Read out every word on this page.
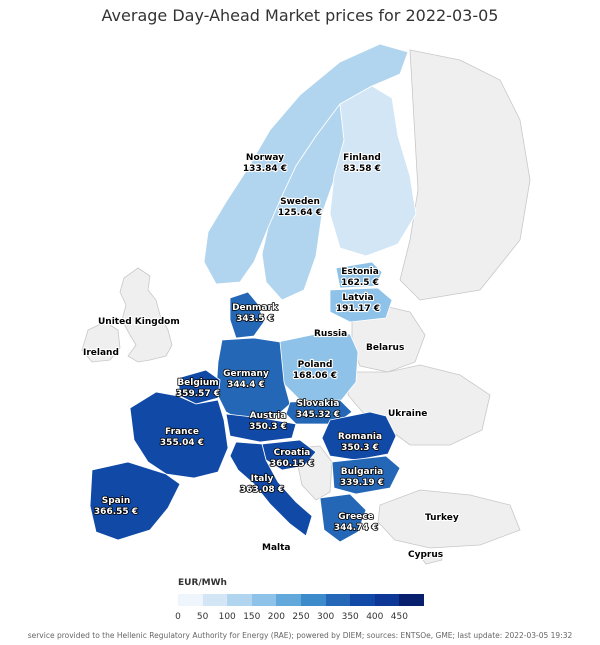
Average Day-Ahead Market prices for 2022-03-05
Norway
133.84 €
Finland
83.58 €
Sweden
125.64 €
Estonia
162.5 €
Latvia
191.17 €
Denmark
343.5 €
Poland
168.06 €
Germany
344.4 €
Belgium
359.57 €
Slovakia
345.32 €
Austria
350.3 €
France
355.04 €
Romania
350.3 €
Croatia
360.15 €
Bulgaria
339.19 €
Italy
363.08 €
Spain
366.55 €	Greece
344.74 €
United Kingdom
Ireland
Russia
Belarus
Ukraine
Turkey
Malta
Cyprus
EUR/MWh
0 50 100 150 200 250 300 350 400 450
service provided to the Hellenic Regulatory Authority for Energy (RAE); powered by DIEM; sources: ENTSOe, GME; last update: 2022-03-05 19:32
